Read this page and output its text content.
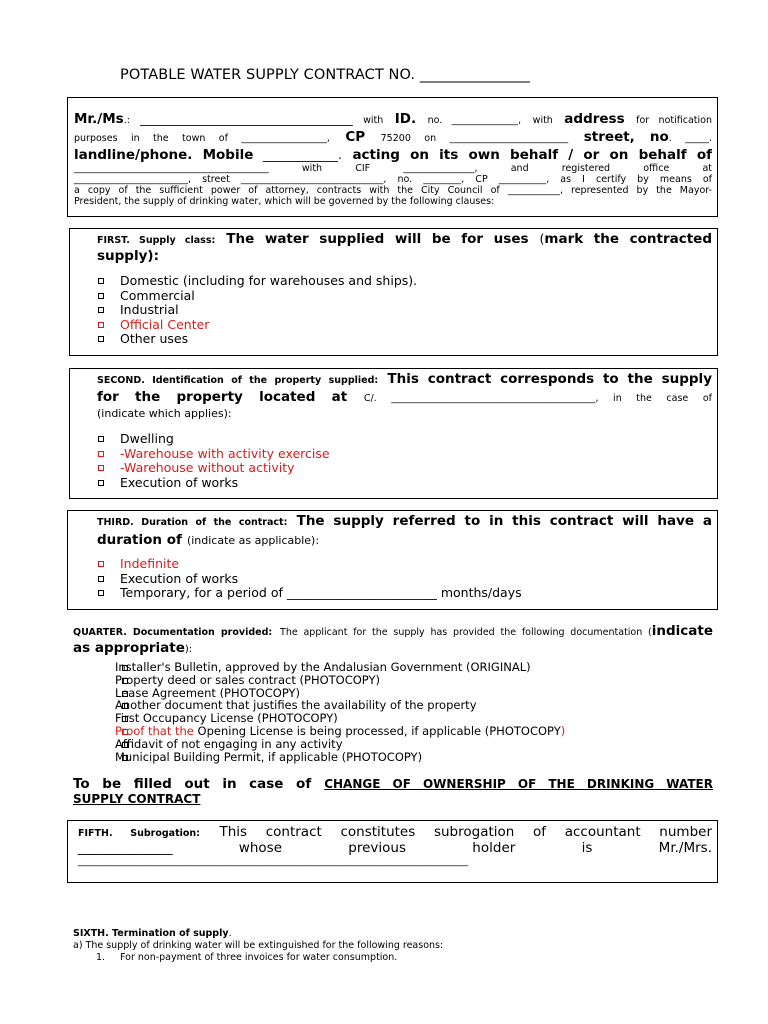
POTABLE WATER SUPPLY CONTRACT NO. _______________
Mr./Ms.: __________________________________ with ID. no. ______________, with address for notification
purposes in the town of __________________, CP 75200 on _________________________ street, no. _____.
landline/phone. Mobile ____________. acting on its own behalf / or on behalf of
_________________________________________ with CIF _______________, and registered office at
________________________, street ______________________________, no. ________, CP __________, as I certify by means of
a copy of the sufficient power of attorney, contracts with the City Council of ___________, represented by the Mayor-
President, the supply of drinking water, which will be governed by the following clauses:
FIRST. Supply class: The water supplied will be for uses (mark the contracted
supply):
Domestic (including for warehouses and ships).
Commercial
Industrial
Official Center
Other uses
SECOND. Identification of the property supplied: This contract corresponds to the supply
for the property located at C/. ___________________________________________, in the case of
(indicate which applies):
Dwelling
-Warehouse with activity exercise
-Warehouse without activity
Execution of works
THIRD. Duration of the contract: The supply referred to in this contract will have a
duration of (indicate as applicable):
Indefinite
Execution of works
Temporary, for a period of ________________________ months/days
QUARTER. Documentation provided: The applicant for the supply has provided the following documentation (indicate
as appropriate):
Installer's Bulletin, approved by the Andalusian Government (ORIGINAL)
Property deed or sales contract (PHOTOCOPY)
Lease Agreement (PHOTOCOPY)
Another document that justifies the availability of the property
First Occupancy License (PHOTOCOPY)
Proof that the Opening License is being processed, if applicable (PHOTOCOPY)
Affidavit of not engaging in any activity
Municipal Building Permit, if applicable (PHOTOCOPY)
To be filled out in case of CHANGE OF OWNERSHIP OF THE DRINKING WATER
SUPPLY CONTRACT
FIFTH. Subrogation: This contract constitutes subrogation of accountant number
______________ whose previous holder is Mr./Mrs.
______________________________________________________________________________
SIXTH. Termination of supply.
a) The supply of drinking water will be extinguished for the following reasons:
1. For non-payment of three invoices for water consumption.
